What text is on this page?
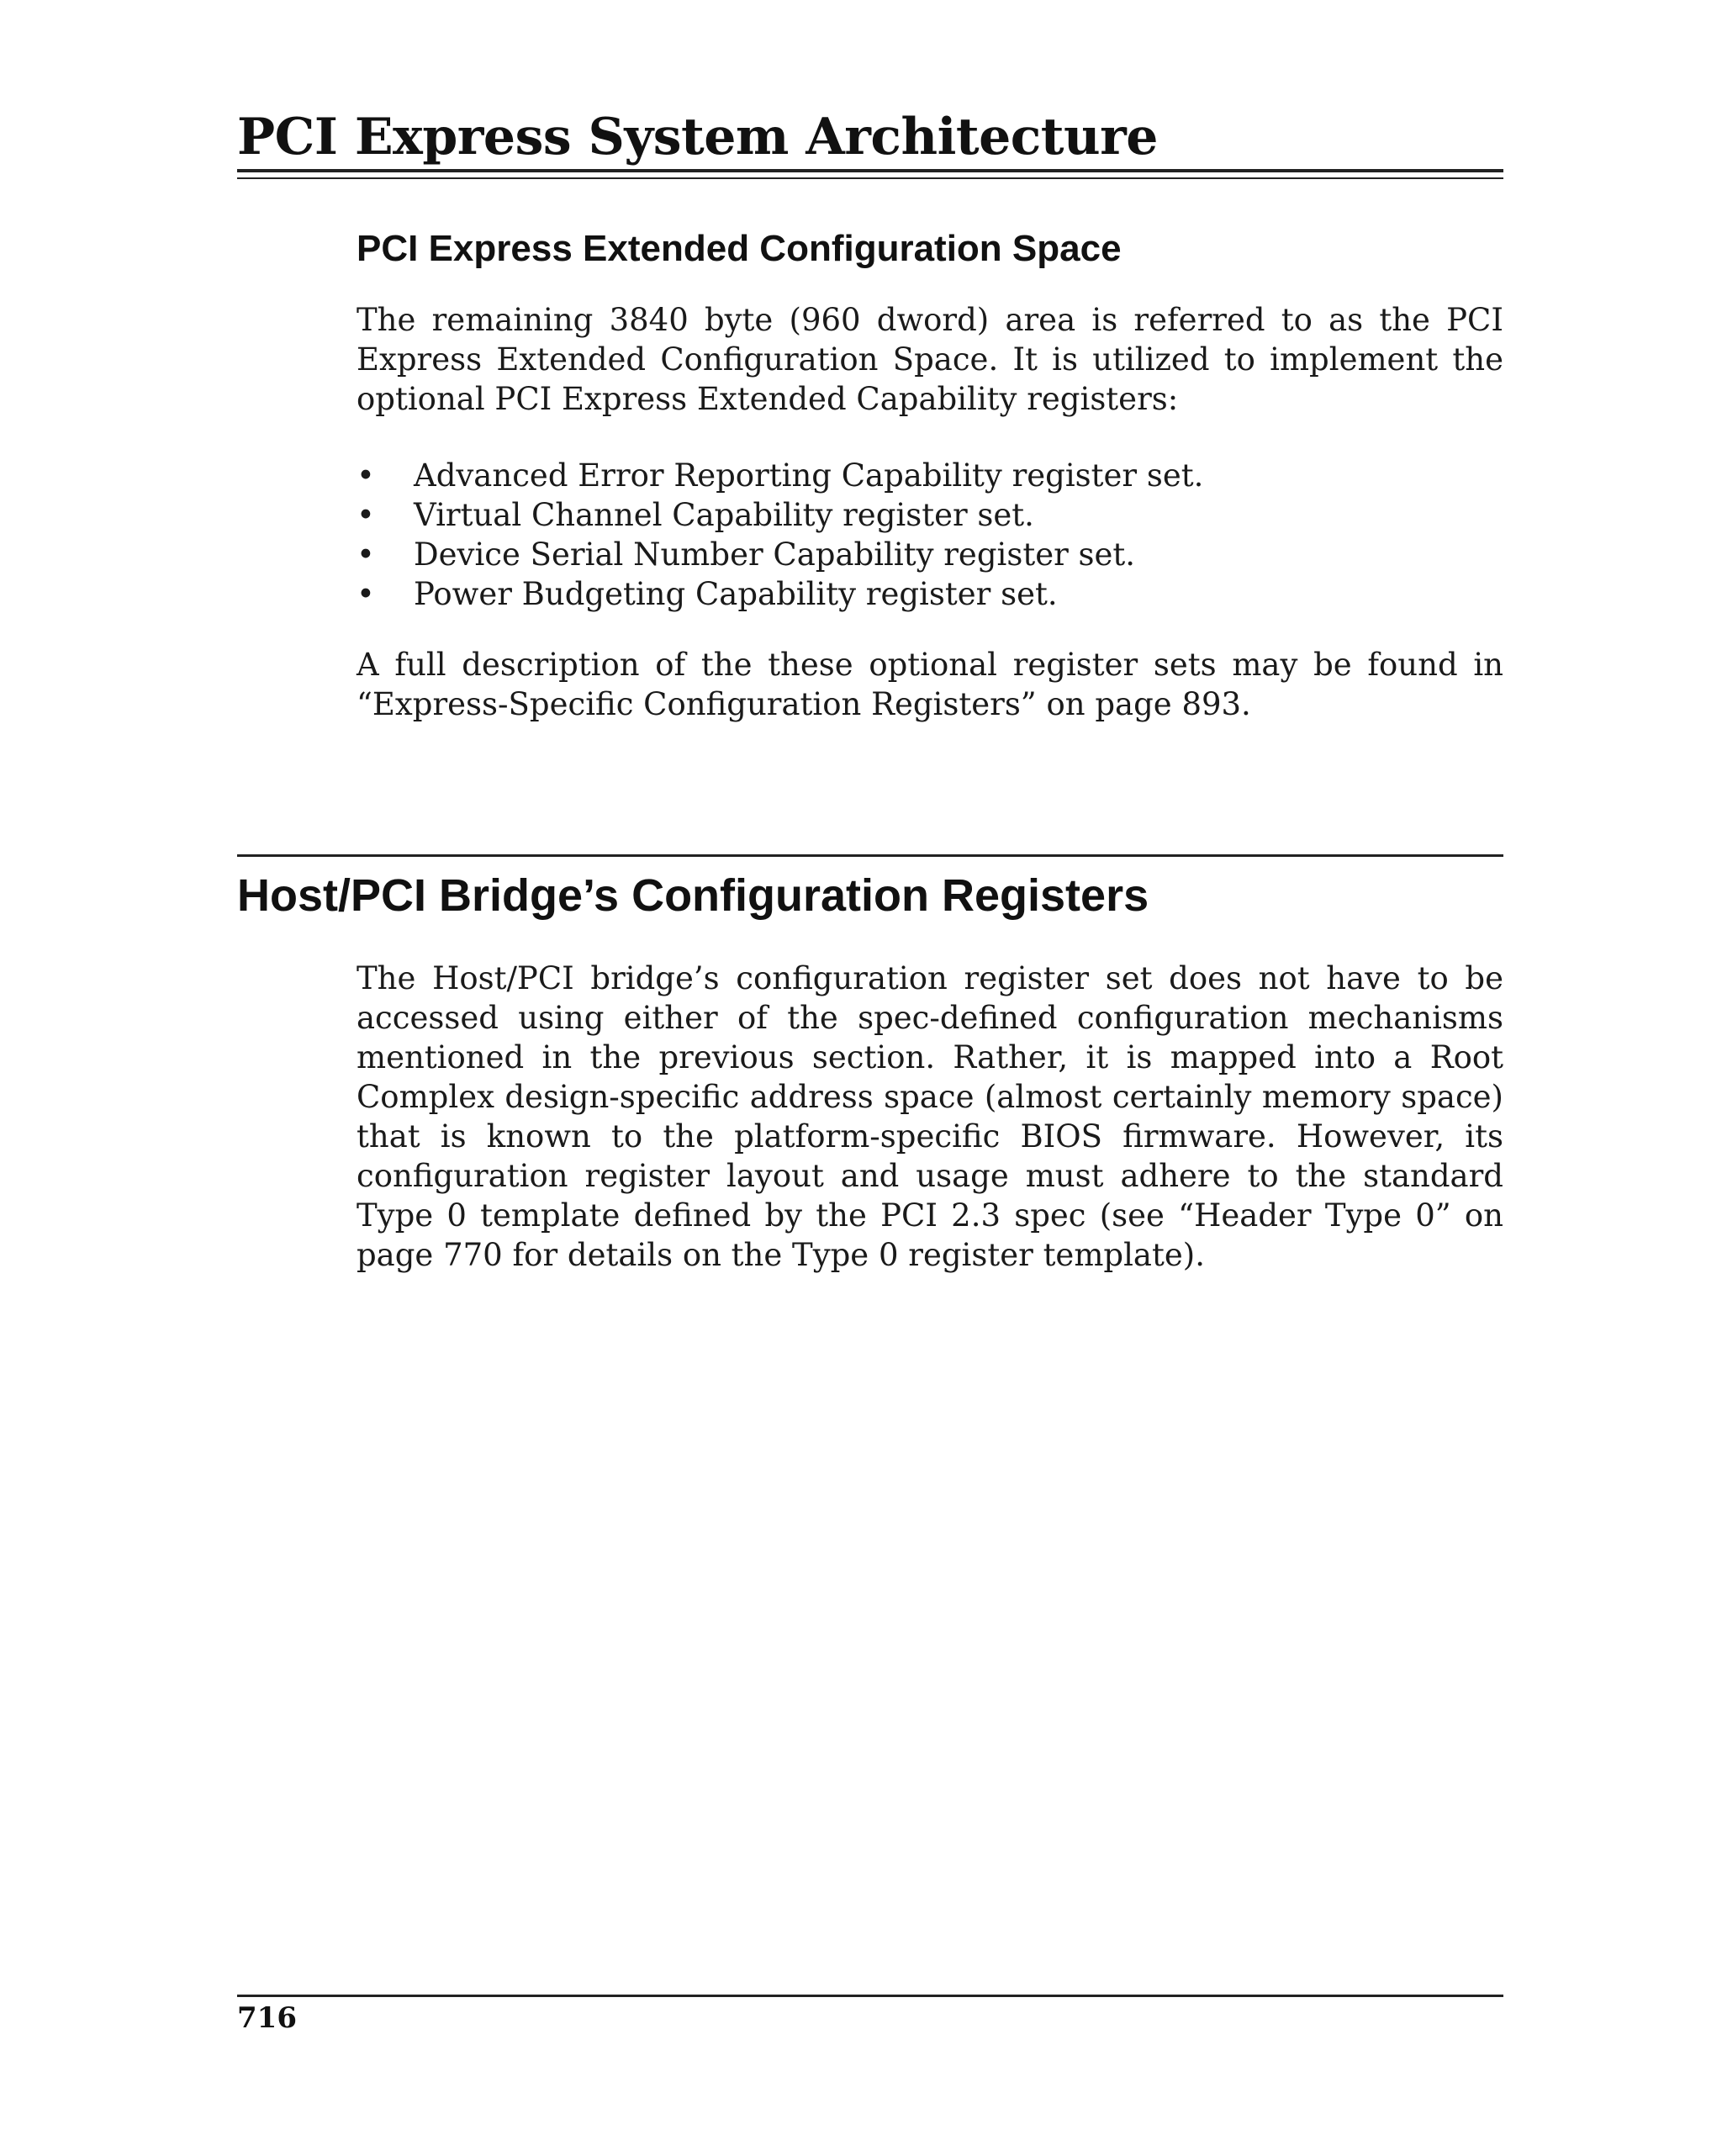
PCI Express System Architecture
PCI Express Extended Configuration Space

The remaining 3840 byte (960 dword) area is referred to as the PCI Express Extended Configuration Space. It is utilized to implement the optional PCI Express Extended Capability registers:

• Advanced Error Reporting Capability register set.
• Virtual Channel Capability register set.
• Device Serial Number Capability register set.
• Power Budgeting Capability register set.

A full description of the these optional register sets may be found in “Express-Specific Configuration Registers” on page 893.

Host/PCI Bridge’s Configuration Registers

The Host/PCI bridge’s configuration register set does not have to be accessed using either of the spec-defined configuration mechanisms mentioned in the previous section. Rather, it is mapped into a Root Complex design-specific address space (almost certainly memory space) that is known to the platform-specific BIOS firmware. However, its configuration register layout and usage must adhere to the standard Type 0 template defined by the PCI 2.3 spec (see “Header Type 0” on page 770 for details on the Type 0 register template).

716
